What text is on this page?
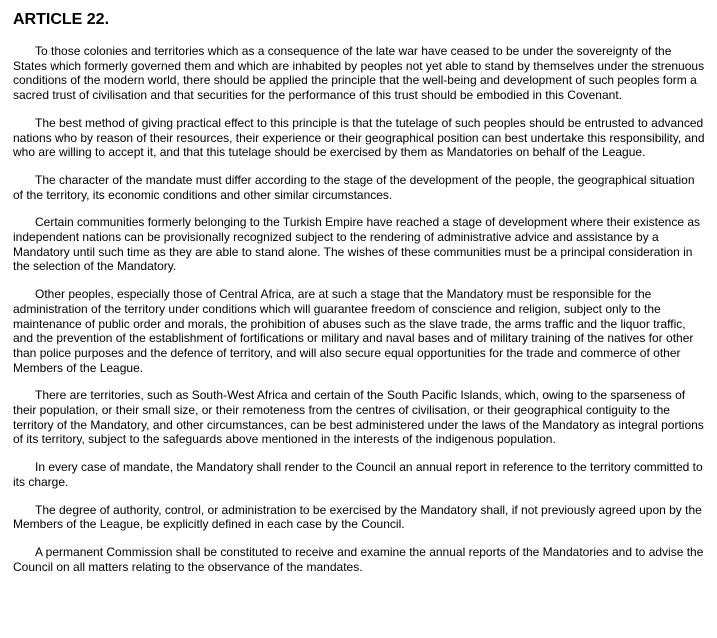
ARTICLE 22.

To those colonies and territories which as a consequence of the late war have ceased to be under the sovereignty of the States which formerly governed them and which are inhabited by peoples not yet able to stand by themselves under the strenuous conditions of the modern world, there should be applied the principle that the well-being and development of such peoples form a sacred trust of civilisation and that securities for the performance of this trust should be embodied in this Covenant.

The best method of giving practical effect to this principle is that the tutelage of such peoples should be entrusted to advanced nations who by reason of their resources, their experience or their geographical position can best undertake this responsibility, and who are willing to accept it, and that this tutelage should be exercised by them as Mandatories on behalf of the League.

The character of the mandate must differ according to the stage of the development of the people, the geographical situation of the territory, its economic conditions and other similar circumstances.

Certain communities formerly belonging to the Turkish Empire have reached a stage of development where their existence as independent nations can be provisionally recognized subject to the rendering of administrative advice and assistance by a Mandatory until such time as they are able to stand alone. The wishes of these communities must be a principal consideration in the selection of the Mandatory.

Other peoples, especially those of Central Africa, are at such a stage that the Mandatory must be responsible for the administration of the territory under conditions which will guarantee freedom of conscience and religion, subject only to the maintenance of public order and morals, the prohibition of abuses such as the slave trade, the arms traffic and the liquor traffic, and the prevention of the establishment of fortifications or military and naval bases and of military training of the natives for other than police purposes and the defence of territory, and will also secure equal opportunities for the trade and commerce of other Members of the League.

There are territories, such as South-West Africa and certain of the South Pacific Islands, which, owing to the sparseness of their population, or their small size, or their remoteness from the centres of civilisation, or their geographical contiguity to the territory of the Mandatory, and other circumstances, can be best administered under the laws of the Mandatory as integral portions of its territory, subject to the safeguards above mentioned in the interests of the indigenous population.

In every case of mandate, the Mandatory shall render to the Council an annual report in reference to the territory committed to its charge.

The degree of authority, control, or administration to be exercised by the Mandatory shall, if not previously agreed upon by the Members of the League, be explicitly defined in each case by the Council.

A permanent Commission shall be constituted to receive and examine the annual reports of the Mandatories and to advise the Council on all matters relating to the observance of the mandates.
